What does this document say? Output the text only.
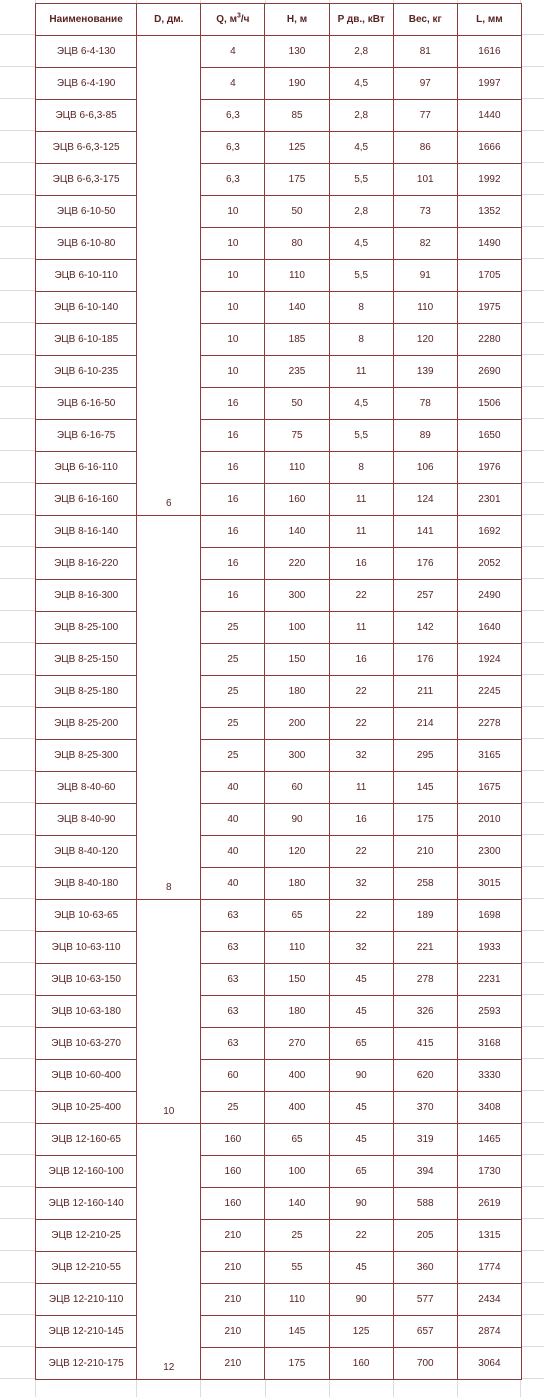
Наименование	D, дм.	Q, $м^3/ч$	H, м	P дв., кВт	Вес, кг	L, мм
ЭЦВ 6-4-130	6	4	130	2,8	81	1616
ЭЦВ 6-4-190		4	190	4,5	97	1997
ЭЦВ 6-6,3-85		6,3	85	2,8	77	1440
ЭЦВ 6-6,3-125		6,3	125	4,5	86	1666
ЭЦВ 6-6,3-175		6,3	175	5,5	101	1992
ЭЦВ 6-10-50		10	50	2,8	73	1352
ЭЦВ 6-10-80		10	80	4,5	82	1490
ЭЦВ 6-10-110		10	110	5,5	91	1705
ЭЦВ 6-10-140		10	140	8	110	1975
ЭЦВ 6-10-185		10	185	8	120	2280
ЭЦВ 6-10-235		10	235	11	139	2690
ЭЦВ 6-16-50		16	50	4,5	78	1506
ЭЦВ 6-16-75		16	75	5,5	89	1650
ЭЦВ 6-16-110		16	110	8	106	1976
ЭЦВ 6-16-160		16	160	11	124	2301
ЭЦВ 8-16-140	8	16	140	11	141	1692
ЭЦВ 8-16-220		16	220	16	176	2052
ЭЦВ 8-16-300		16	300	22	257	2490
ЭЦВ 8-25-100		25	100	11	142	1640
ЭЦВ 8-25-150		25	150	16	176	1924
ЭЦВ 8-25-180		25	180	22	211	2245
ЭЦВ 8-25-200		25	200	22	214	2278
ЭЦВ 8-25-300		25	300	32	295	3165
ЭЦВ 8-40-60		40	60	11	145	1675
ЭЦВ 8-40-90		40	90	16	175	2010
ЭЦВ 8-40-120		40	120	22	210	2300
ЭЦВ 8-40-180		40	180	32	258	3015
ЭЦВ 10-63-65	10	63	65	22	189	1698
ЭЦВ 10-63-110		63	110	32	221	1933
ЭЦВ 10-63-150		63	150	45	278	2231
ЭЦВ 10-63-180		63	180	45	326	2593
ЭЦВ 10-63-270		63	270	65	415	3168
ЭЦВ 10-60-400		60	400	90	620	3330
ЭЦВ 10-25-400		25	400	45	370	3408
ЭЦВ 12-160-65	12	160	65	45	319	1465
ЭЦВ 12-160-100		160	100	65	394	1730
ЭЦВ 12-160-140		160	140	90	588	2619
ЭЦВ 12-210-25		210	25	22	205	1315
ЭЦВ 12-210-55		210	55	45	360	1774
ЭЦВ 12-210-110		210	110	90	577	2434
ЭЦВ 12-210-145		210	145	125	657	2874
ЭЦВ 12-210-175		210	175	160	700	3064
